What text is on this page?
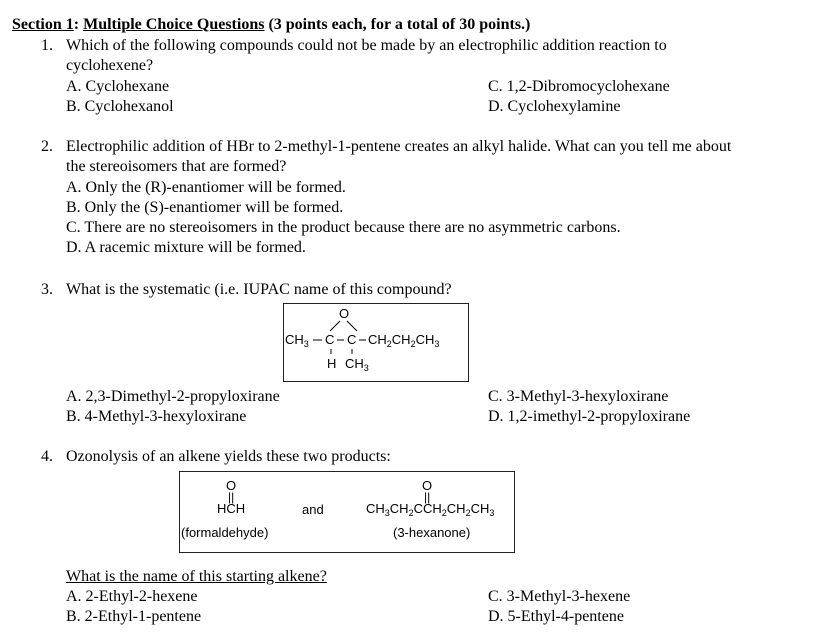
Section 1: Multiple Choice Questions (3 points each, for a total of 30 points.)
1. Which of the following compounds could not be made by an electrophilic addition reaction to
cyclohexene?
A. Cyclohexane
B. Cyclohexanol
C. 1,2-Dibromocyclohexane
D. Cyclohexylamine
2. Electrophilic addition of HBr to 2-methyl-1-pentene creates an alkyl halide. What can you tell me about
the stereoisomers that are formed?
A. Only the (R)-enantiomer will be formed.
B. Only the (S)-enantiomer will be formed.
C. There are no stereoisomers in the product because there are no asymmetric carbons.
D. A racemic mixture will be formed.
3. What is the systematic (i.e. IUPAC name of this compound?
O
$CH_3$ C C $CH_2CH_2CH_3$
H $CH_3$
A. 2,3-Dimethyl-2-propyloxirane
B. 4-Methyl-3-hexyloxirane
C. 3-Methyl-3-hexyloxirane
D. 1,2-imethyl-2-propyloxirane
4. Ozonolysis of an alkene yields these two products:
O
||
HCH
(formaldehyde)
and
O
||
$CH_3CH_2CCH_2CH_2CH_3$
(3-hexanone)
What is the name of this starting alkene?
A. 2-Ethyl-2-hexene
B. 2-Ethyl-1-pentene
C. 3-Methyl-3-hexene
D. 5-Ethyl-4-pentene
